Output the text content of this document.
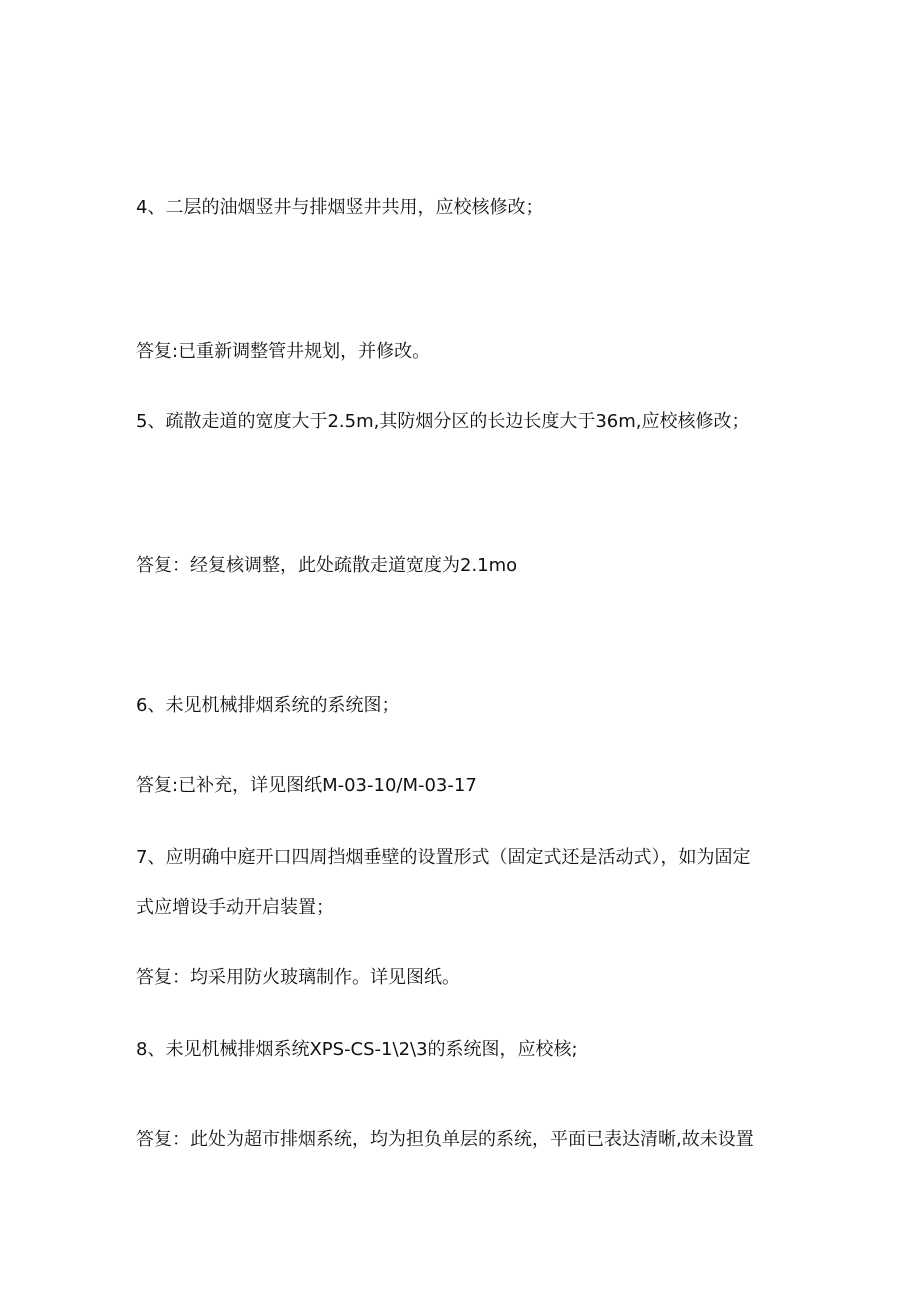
4、二层的油烟竖井与排烟竖井共用，应校核修改；

答复:已重新调整管井规划，并修改。

5、疏散走道的宽度大于2.5m,其防烟分区的长边长度大于36m,应校核修改；

答复：经复核调整，此处疏散走道宽度为2.1mo

6、未见机械排烟系统的系统图；

答复:已补充，详见图纸M-03-10/M-03-17

7、应明确中庭开口四周挡烟垂壁的设置形式（固定式还是活动式），如为固定

式应增设手动开启装置；

答复：均采用防火玻璃制作。详见图纸。

8、未见机械排烟系统XPS-CS-1\2\3的系统图，应校核;

答复：此处为超市排烟系统，均为担负单层的系统，平面已表达清晰,故未设置
